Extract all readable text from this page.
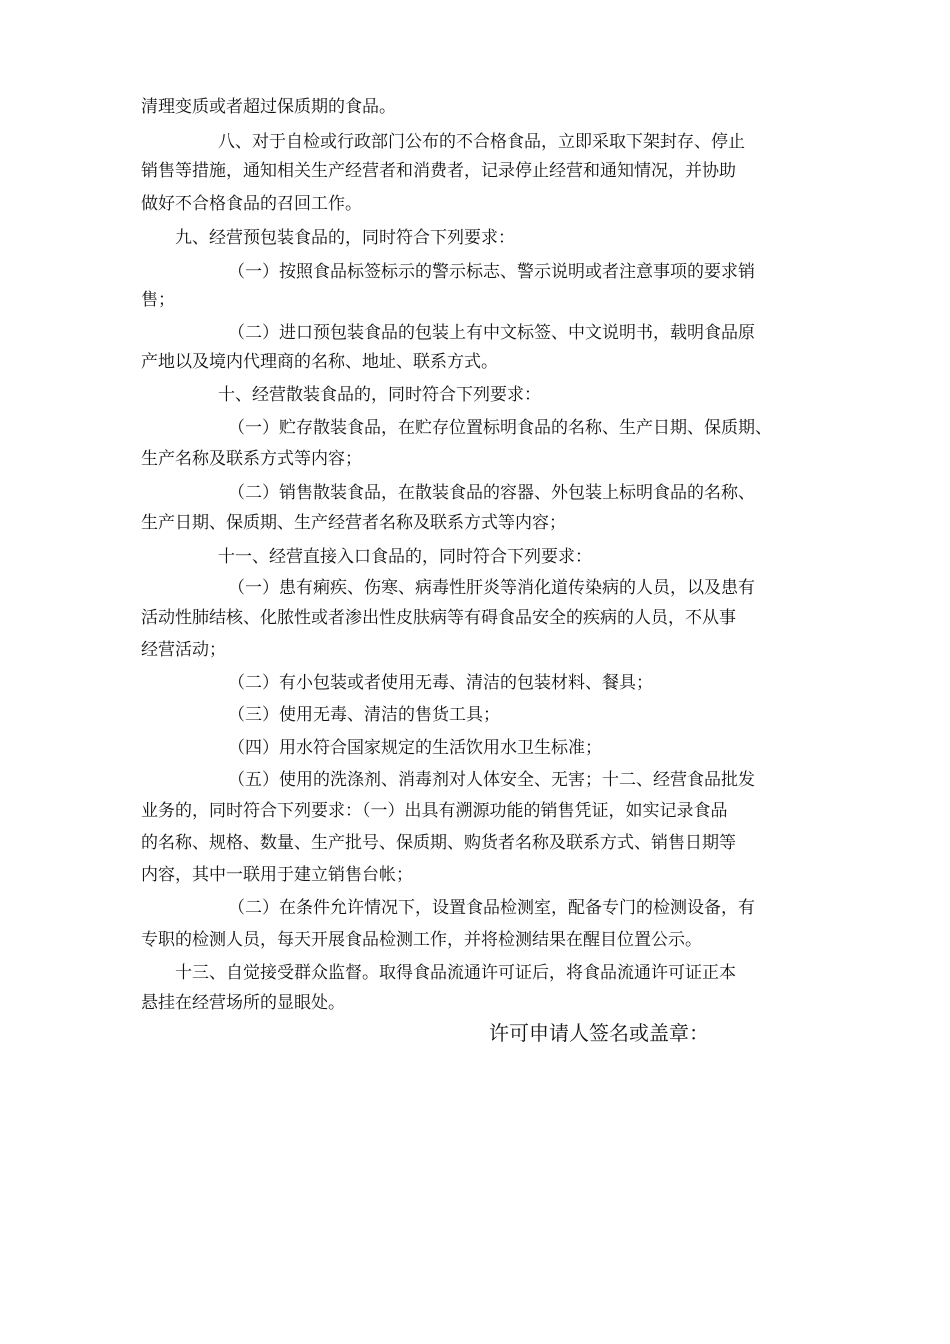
清理变质或者超过保质期的食品。
八、对于自检或行政部门公布的不合格食品，立即采取下架封存、停止
销售等措施，通知相关生产经营者和消费者，记录停止经营和通知情况，并协助
做好不合格食品的召回工作。
九、经营预包装食品的，同时符合下列要求：
（一）按照食品标签标示的警示标志、警示说明或者注意事项的要求销
售；
（二）进口预包装食品的包装上有中文标签、中文说明书，载明食品原
产地以及境内代理商的名称、地址、联系方式。
十、经营散装食品的，同时符合下列要求：
（一）贮存散装食品，在贮存位置标明食品的名称、生产日期、保质期、
生产名称及联系方式等内容；
（二）销售散装食品，在散装食品的容器、外包装上标明食品的名称、
生产日期、保质期、生产经营者名称及联系方式等内容；
十一、经营直接入口食品的，同时符合下列要求：
（一）患有痢疾、伤寒、病毒性肝炎等消化道传染病的人员，以及患有
活动性肺结核、化脓性或者渗出性皮肤病等有碍食品安全的疾病的人员，不从事
经营活动；
（二）有小包装或者使用无毒、清洁的包装材料、餐具；
（三）使用无毒、清洁的售货工具；
（四）用水符合国家规定的生活饮用水卫生标准；
（五）使用的洗涤剂、消毒剂对人体安全、无害；十二、经营食品批发
业务的，同时符合下列要求：（一）出具有溯源功能的销售凭证，如实记录食品
的名称、规格、数量、生产批号、保质期、购货者名称及联系方式、销售日期等
内容，其中一联用于建立销售台帐；
（二）在条件允许情况下，设置食品检测室，配备专门的检测设备，有
专职的检测人员，每天开展食品检测工作，并将检测结果在醒目位置公示。
十三、自觉接受群众监督。取得食品流通许可证后，将食品流通许可证正本
悬挂在经营场所的显眼处。
许可申请人签名或盖章：
